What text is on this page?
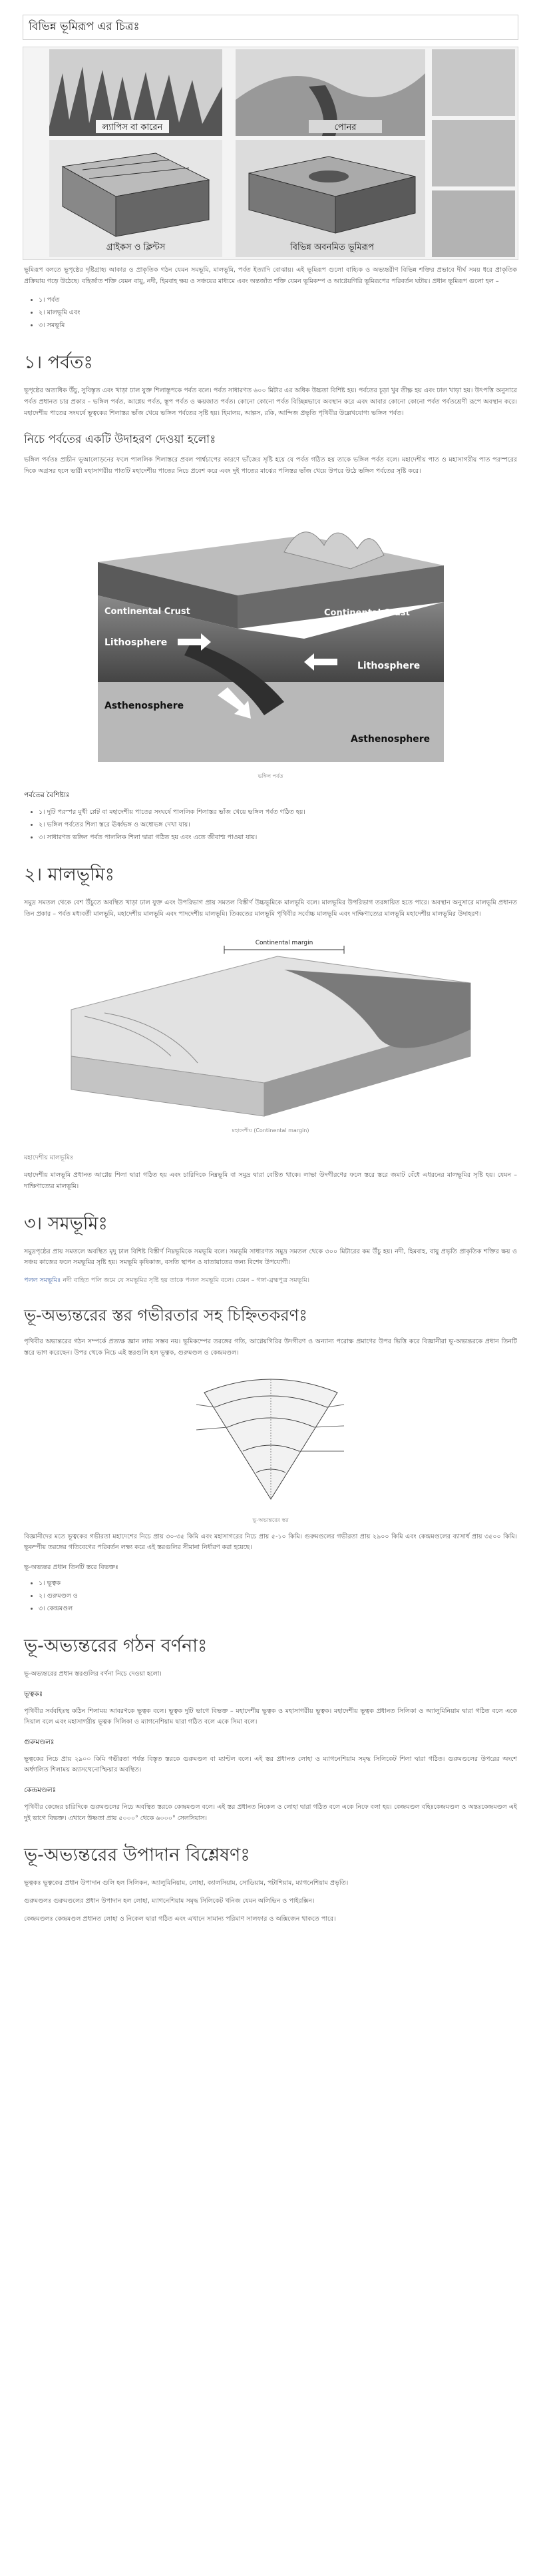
বিভিন্ন ভূমিরূপ এর চিত্রঃ
ল্যাপিস বা কারেন	পোনর
গ্রাইকস ও ক্লিন্টস	বিভিন্ন অবনমিত ভূমিরূপ

ভূমিরূপ বলতে ভূপৃষ্ঠের দৃষ্টিগ্রাহ্য আকার ও প্রাকৃতিক গঠন যেমন সমভূমি, মালভূমি, পর্বত ইত্যাদি বোঝায়। এই ভূমিরূপ গুলো বাহ্যিক ও অভ্যন্তরীণ বিভিন্ন শক্তির প্রভাবে দীর্ঘ সময় ধরে প্রাকৃতিক প্রক্রিয়ায় গড়ে উঠেছে। বহির্জাত শক্তি যেমন বায়ু, নদী, হিমবাহ ক্ষয় ও সঞ্চয়ের মাধ্যমে এবং অন্তর্জাত শক্তি যেমন ভূমিকম্প ও আগ্নেয়গিরি ভূমিরূপের পরিবর্তন ঘটায়। প্রধান ভূমিরূপ গুলো হল –

• ১। পর্বত
• ২। মালভূমি এবং
• ৩। সমভূমি
১। পর্বতঃ

ভূপৃষ্ঠের অত্যধিক উঁচু, সুবিস্তৃত এবং খাড়া ঢাল যুক্ত শিলাস্তূপকে পর্বত বলে। পর্বত সাধারণত ৬০০ মিটার এর অধিক উচ্চতা বিশিষ্ট হয়। পর্বতের চূড়া খুব তীক্ষ্ণ হয় এবং ঢাল খাড়া হয়। উৎপত্তি অনুসারে পর্বত প্রধানত চার প্রকার – ভঙ্গিল পর্বত, আগ্নেয় পর্বত, স্তূপ পর্বত ও ক্ষয়জাত পর্বত। কোনো কোনো পর্বত বিচ্ছিন্নভাবে অবস্থান করে এবং আবার কোনো কোনো পর্বত পর্বতশ্রেণী রূপে অবস্থান করে। মহাদেশীয় পাতের সংঘর্ষে ভূত্বকের শিলাস্তর ভাঁজ খেয়ে ভঙ্গিল পর্বতের সৃষ্টি হয়। হিমালয়, আল্পস, রকি, আন্দিজ প্রভৃতি পৃথিবীর উল্লেখযোগ্য ভঙ্গিল পর্বত।

নিচে পর্বতের একটি উদাহরণ দেওয়া হলোঃ

ভঙ্গিল পর্বতঃ প্রাচীন ভূআলোড়নের ফলে পাললিক শিলাস্তরে প্রবল পার্শ্বচাপের কারণে ভাঁজের সৃষ্টি হয়ে যে পর্বত গঠিত হয় তাকে ভঙ্গিল পর্বত বলে। মহাদেশীয় পাত ও মহাসাগরীয় পাত পরস্পরের দিকে অগ্রসর হলে ভারী মহাসাগরীয় পাতটি মহাদেশীয় পাতের নিচে প্রবেশ করে এবং দুই পাতের মাঝের পলিস্তর ভাঁজ খেয়ে উপরে উঠে ভঙ্গিল পর্বতের সৃষ্টি করে।

Continental Crust	Continental Crust
Lithosphere
Lithosphere
Asthenosphere
Asthenosphere
ভঙ্গিল পর্বত
পর্বতের বৈশিষ্ট্যঃ
• ১। দুটি পরস্পর মুখী প্লেট বা মহাদেশীয় পাতের সংঘর্ষে পাললিক শিলাস্তর ভাঁজ খেয়ে ভঙ্গিল পর্বত গঠিত হয়।
• ২। ভঙ্গিল পর্বতের শিলা স্তরে ঊর্ধ্বভঙ্গ ও অধোভঙ্গ দেখা যায়।
• ৩। সাধারণত ভঙ্গিল পর্বত পাললিক শিলা দ্বারা গঠিত হয় এবং এতে জীবাশ্ম পাওয়া যায়।
২। মালভূমিঃ

সমুদ্র সমতল থেকে বেশ উঁচুতে অবস্থিত খাড়া ঢাল যুক্ত এবং উপরিভাগ প্রায় সমতল বিস্তীর্ণ উচ্চভূমিকে মালভূমি বলে। মালভূমির উপরিভাগ তরঙ্গায়িত হতে পারে। অবস্থান অনুসারে মালভূমি প্রধানত তিন প্রকার – পর্বত মধ্যবর্তী মালভূমি, মহাদেশীয় মালভূমি এবং পাদদেশীয় মালভূমি। তিব্বতের মালভূমি পৃথিবীর সর্বোচ্চ মালভূমি এবং দাক্ষিণাত্যের মালভূমি মহাদেশীয় মালভূমির উদাহরণ।

Continental margin
মহাদেশীয় (Continental margin)

মহাদেশীয় মালভূমিঃ

মহাদেশীয় মালভূমি প্রধানত আগ্নেয় শিলা দ্বারা গঠিত হয় এবং চারিদিকে নিম্নভূমি বা সমুদ্র দ্বারা বেষ্টিত থাকে। লাভা উদগীরণের ফলে স্তরে স্তরে জমাট বেঁধে এধরনের মালভূমির সৃষ্টি হয়। যেমন – দাক্ষিণাত্যের মালভূমি।

৩। সমভূমিঃ

সমুদ্রপৃষ্ঠের প্রায় সমতলে অবস্থিত মৃদু ঢাল বিশিষ্ট বিস্তীর্ণ নিম্নভূমিকে সমভূমি বলে। সমভূমি সাধারণত সমুদ্র সমতল থেকে ৩০০ মিটারের কম উঁচু হয়। নদী, হিমবাহ, বায়ু প্রভৃতি প্রাকৃতিক শক্তির ক্ষয় ও সঞ্চয় কাজের ফলে সমভূমির সৃষ্টি হয়। সমভূমি কৃষিকাজ, বসতি স্থাপন ও যাতায়াতের জন্য বিশেষ উপযোগী।

পলল সমভূমিঃ নদী বাহিত পলি জমে যে সমভূমির সৃষ্টি হয় তাকে পলল সমভূমি বলে। যেমন – গঙ্গা-ব্রহ্মপুত্র সমভূমি।

ভূ-অভ্যন্তরের স্তর গভীরতার সহ চিহ্নিতকরণঃ

পৃথিবীর অভ্যন্তরের গঠন সম্পর্কে প্রত্যক্ষ জ্ঞান লাভ সম্ভব নয়। ভূমিকম্পের তরঙ্গের গতি, আগ্নেয়গিরির উদগীরণ ও অন্যান্য পরোক্ষ প্রমাণের উপর ভিত্তি করে বিজ্ঞানীরা ভূ-অভ্যন্তরকে প্রধান তিনটি স্তরে ভাগ করেছেন। উপর থেকে নিচে এই স্তরগুলি হল ভূত্বক, গুরুমণ্ডল ও কেন্দ্রমণ্ডল।

ভূ-অভ্যন্তরের স্তর

বিজ্ঞানীদের মতে ভূত্বকের গভীরতা মহাদেশের নিচে প্রায় ৩০-৩৫ কিমি এবং মহাসাগরের নিচে প্রায় ৫-১০ কিমি। গুরুমণ্ডলের গভীরতা প্রায় ২৯০০ কিমি এবং কেন্দ্রমণ্ডলের ব্যাসার্ধ প্রায় ৩৫০০ কিমি। ভূকম্পীয় তরঙ্গের গতিবেগের পরিবর্তন লক্ষ্য করে এই স্তরগুলির সীমানা নির্ধারণ করা হয়েছে।

ভূ-অভ্যন্তর প্রধান তিনটি স্তরে বিভক্তঃ
• ১। ভূত্বক
• ২। গুরুমণ্ডল ও
• ৩। কেন্দ্রমণ্ডল
ভূ-অভ্যন্তরের গঠন বর্ণনাঃ

ভূ-অভ্যন্তরের প্রধান স্তরগুলির বর্ণনা নিচে দেওয়া হলো।

ভূত্বকঃ

পৃথিবীর সর্ববহিঃস্থ কঠিন শিলাময় আবরণকে ভূত্বক বলে। ভূত্বক দুটি ভাগে বিভক্ত – মহাদেশীয় ভূত্বক ও মহাসাগরীয় ভূত্বক। মহাদেশীয় ভূত্বক প্রধানত সিলিকা ও অ্যালুমিনিয়াম দ্বারা গঠিত বলে একে সিয়াল বলে এবং মহাসাগরীয় ভূত্বক সিলিকা ও ম্যাগনেশিয়াম দ্বারা গঠিত বলে একে সিমা বলে।

গুরুমণ্ডলঃ

ভূত্বকের নিচে প্রায় ২৯০০ কিমি গভীরতা পর্যন্ত বিস্তৃত স্তরকে গুরুমণ্ডল বা ম্যান্টল বলে। এই স্তর প্রধানত লোহা ও ম্যাগনেশিয়াম সমৃদ্ধ সিলিকেট শিলা দ্বারা গঠিত। গুরুমণ্ডলের উপরের অংশে অর্ধগলিত শিলাময় অ্যাসথেনোস্ফিয়ার অবস্থিত।

কেন্দ্রমণ্ডলঃ

পৃথিবীর কেন্দ্রের চারিদিকে গুরুমণ্ডলের নিচে অবস্থিত স্তরকে কেন্দ্রমণ্ডল বলে। এই স্তর প্রধানত নিকেল ও লোহা দ্বারা গঠিত বলে একে নিফে বলা হয়। কেন্দ্রমণ্ডল বহিঃকেন্দ্রমণ্ডল ও অন্তঃকেন্দ্রমণ্ডল এই দুই ভাগে বিভক্ত। এখানে উষ্ণতা প্রায় ৫০০০° থেকে ৬০০০° সেলসিয়াস।

ভূ-অভ্যন্তরের উপাদান বিশ্লেষণঃ

ভূত্বকঃ ভূত্বকের প্রধান উপাদান গুলি হল সিলিকন, অ্যালুমিনিয়াম, লোহা, ক্যালসিয়াম, সোডিয়াম, পটাশিয়াম, ম্যাগনেশিয়াম প্রভৃতি।

গুরুমণ্ডলঃ গুরুমণ্ডলের প্রধান উপাদান হল লোহা, ম্যাগনেশিয়াম সমৃদ্ধ সিলিকেট খনিজ যেমন অলিভিন ও পাইরক্সিন।

কেন্দ্রমণ্ডলঃ কেন্দ্রমণ্ডল প্রধানত লোহা ও নিকেল দ্বারা গঠিত এবং এখানে সামান্য পরিমাণ সালফার ও অক্সিজেন থাকতে পারে।
